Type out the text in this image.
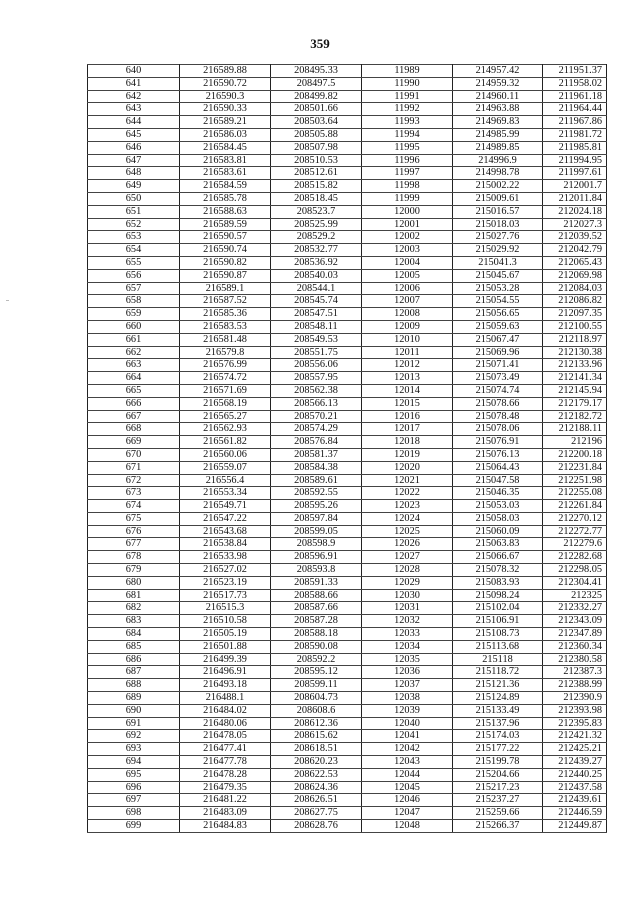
359
640	216589.88	208495.33	11989	214957.42	211951.37
641	216590.72	208497.5	11990	214959.32	211958.02
642	216590.3	208499.82	11991	214960.11	211961.18
643	216590.33	208501.66	11992	214963.88	211964.44
644	216589.21	208503.64	11993	214969.83	211967.86
645	216586.03	208505.88	11994	214985.99	211981.72
646	216584.45	208507.98	11995	214989.85	211985.81
647	216583.81	208510.53	11996	214996.9	211994.95
648	216583.61	208512.61	11997	214998.78	211997.61
649	216584.59	208515.82	11998	215002.22	212001.7
650	216585.78	208518.45	11999	215009.61	212011.84
651	216588.63	208523.7	12000	215016.57	212024.18
652	216589.59	208525.99	12001	215018.03	212027.3
653	216590.57	208529.2	12002	215027.76	212039.52
654	216590.74	208532.77	12003	215029.92	212042.79
655	216590.82	208536.92	12004	215041.3	212065.43
656	216590.87	208540.03	12005	215045.67	212069.98
657	216589.1	208544.1	12006	215053.28	212084.03
658	216587.52	208545.74	12007	215054.55	212086.82
659	216585.36	208547.51	12008	215056.65	212097.35
660	216583.53	208548.11	12009	215059.63	212100.55
661	216581.48	208549.53	12010	215067.47	212118.97
662	216579.8	208551.75	12011	215069.96	212130.38
663	216576.99	208556.06	12012	215071.41	212133.96
664	216574.72	208557.95	12013	215073.49	212141.34
665	216571.69	208562.38	12014	215074.74	212145.94
666	216568.19	208566.13	12015	215078.66	212179.17
667	216565.27	208570.21	12016	215078.48	212182.72
668	216562.93	208574.29	12017	215078.06	212188.11
669	216561.82	208576.84	12018	215076.91	212196
670	216560.06	208581.37	12019	215076.13	212200.18
671	216559.07	208584.38	12020	215064.43	212231.84
672	216556.4	208589.61	12021	215047.58	212251.98
673	216553.34	208592.55	12022	215046.35	212255.08
674	216549.71	208595.26	12023	215053.03	212261.84
675	216547.22	208597.84	12024	215058.03	212270.12
676	216543.68	208599.05	12025	215060.09	212272.77
677	216538.84	208598.9	12026	215063.83	212279.6
678	216533.98	208596.91	12027	215066.67	212282.68
679	216527.02	208593.8	12028	215078.32	212298.05
680	216523.19	208591.33	12029	215083.93	212304.41
681	216517.73	208588.66	12030	215098.24	212325
682	216515.3	208587.66	12031	215102.04	212332.27
683	216510.58	208587.28	12032	215106.91	212343.09
684	216505.19	208588.18	12033	215108.73	212347.89
685	216501.88	208590.08	12034	215113.68	212360.34
686	216499.39	208592.2	12035	215118	212380.58
687	216496.91	208595.12	12036	215118.72	212387.3
688	216493.18	208599.11	12037	215121.36	212388.99
689	216488.1	208604.73	12038	215124.89	212390.9
690	216484.02	208608.6	12039	215133.49	212393.98
691	216480.06	208612.36	12040	215137.96	212395.83
692	216478.05	208615.62	12041	215174.03	212421.32
693	216477.41	208618.51	12042	215177.22	212425.21
694	216477.78	208620.23	12043	215199.78	212439.27
695	216478.28	208622.53	12044	215204.66	212440.25
696	216479.35	208624.36	12045	215217.23	212437.58
697	216481.22	208626.51	12046	215237.27	212439.61
698	216483.09	208627.75	12047	215259.66	212446.59
699	216484.83	208628.76	12048	215266.37	212449.87
